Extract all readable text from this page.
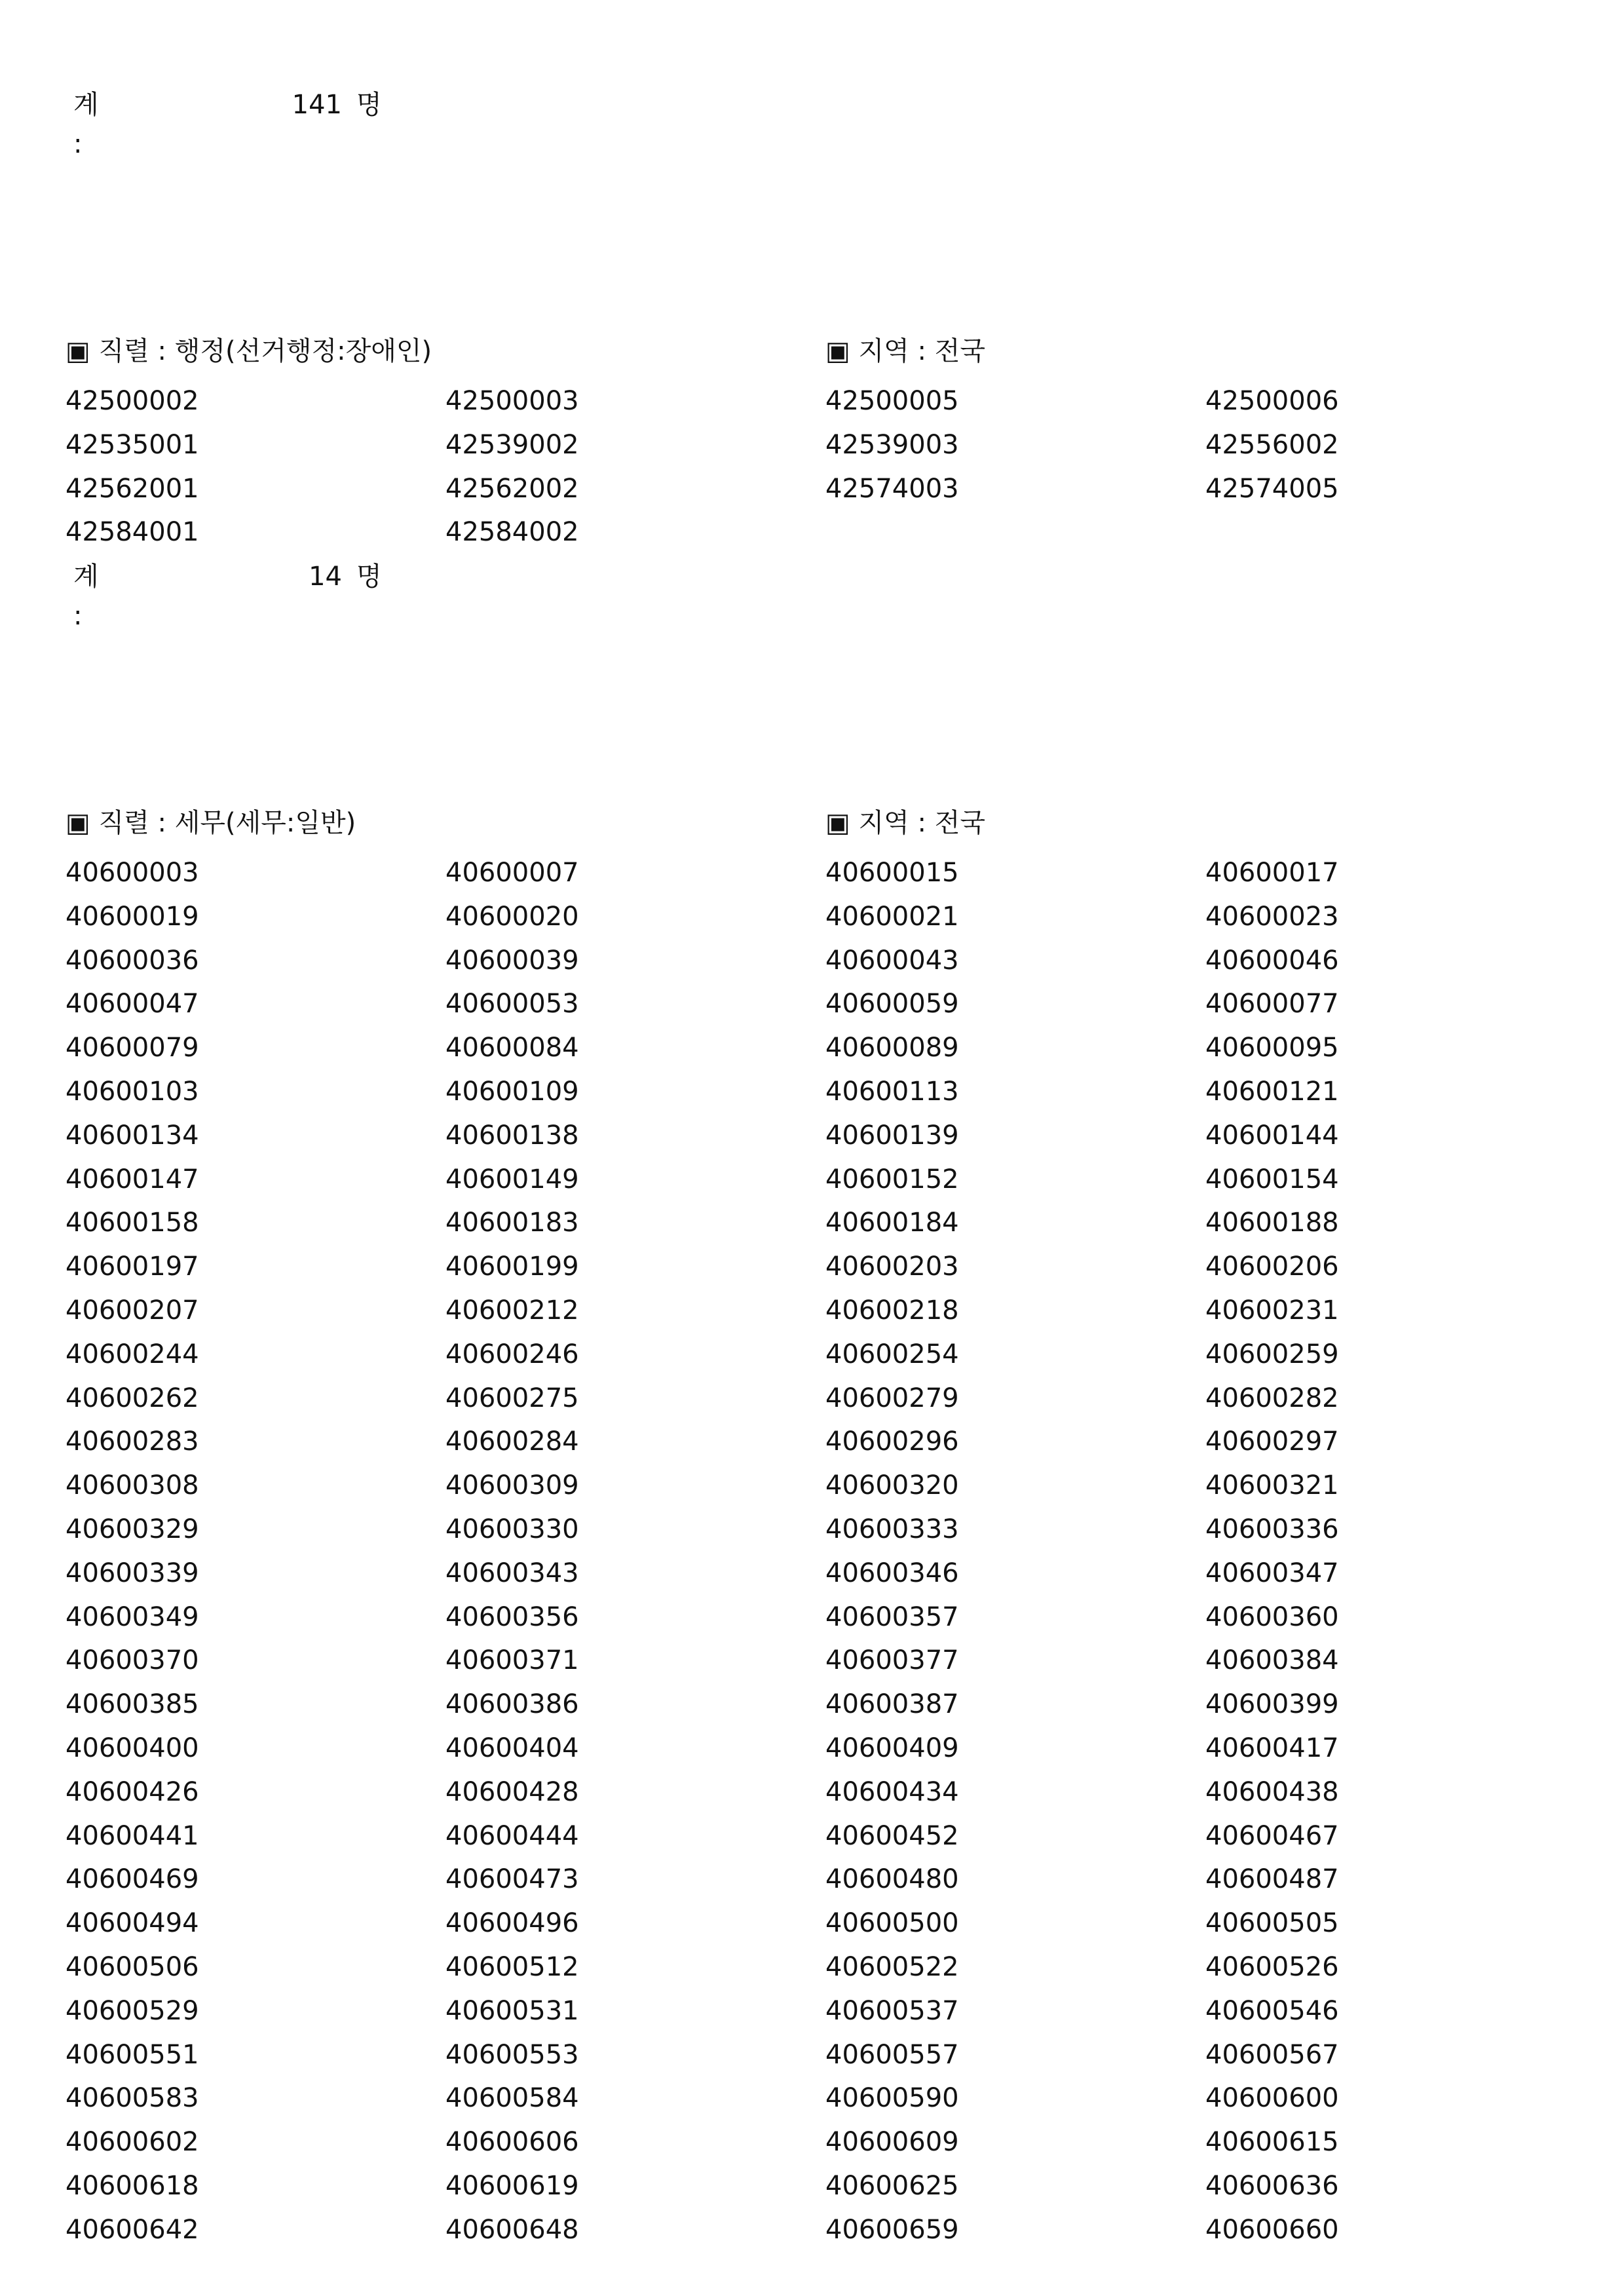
계 :
141 명
▣ 직렬 : 행정(선거행정:장애인)	▣ 지역 : 전국
42500002	42500003	42500005	42500006
42535001	42539002	42539003	42556002
42562001	42562002	42574003	42574005
42584001	42584002
계 :
14 명
▣ 직렬 : 세무(세무:일반)	▣ 지역 : 전국
40600003	40600007	40600015	40600017
40600019	40600020	40600021	40600023
40600036	40600039	40600043	40600046
40600047	40600053	40600059	40600077
40600079	40600084	40600089	40600095
40600103	40600109	40600113	40600121
40600134	40600138	40600139	40600144
40600147	40600149	40600152	40600154
40600158	40600183	40600184	40600188
40600197	40600199	40600203	40600206
40600207	40600212	40600218	40600231
40600244	40600246	40600254	40600259
40600262	40600275	40600279	40600282
40600283	40600284	40600296	40600297
40600308	40600309	40600320	40600321
40600329	40600330	40600333	40600336
40600339	40600343	40600346	40600347
40600349	40600356	40600357	40600360
40600370	40600371	40600377	40600384
40600385	40600386	40600387	40600399
40600400	40600404	40600409	40600417
40600426	40600428	40600434	40600438
40600441	40600444	40600452	40600467
40600469	40600473	40600480	40600487
40600494	40600496	40600500	40600505
40600506	40600512	40600522	40600526
40600529	40600531	40600537	40600546
40600551	40600553	40600557	40600567
40600583	40600584	40600590	40600600
40600602	40600606	40600609	40600615
40600618	40600619	40600625	40600636
40600642	40600648	40600659	40600660
